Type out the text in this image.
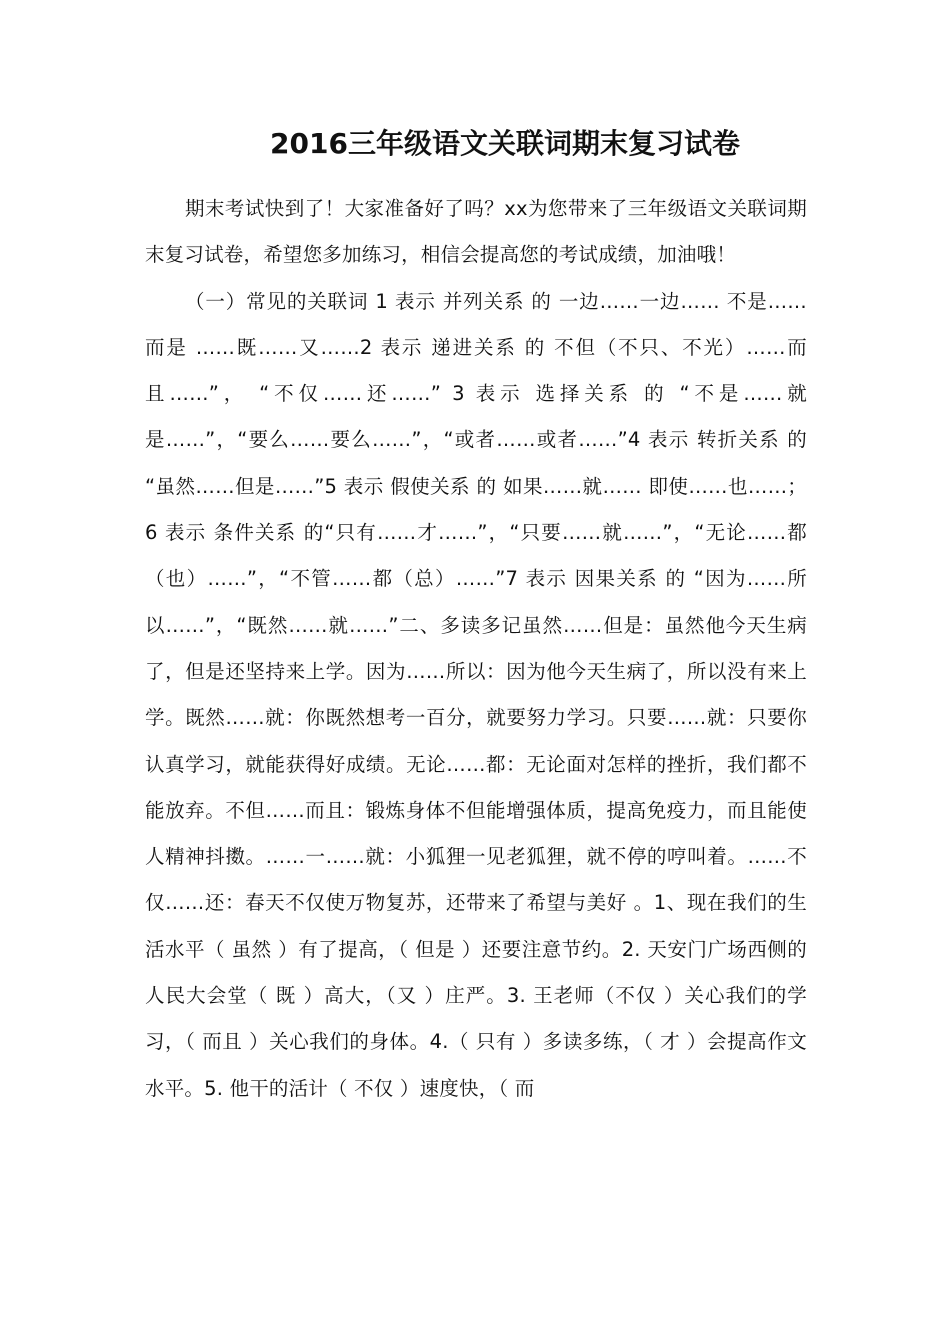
2016三年级语文关联词期末复习试卷

期末考试快到了！大家准备好了吗？xx为您带来了三年级语文关联词期末复习试卷，希望您多加练习，相信会提高您的考试成绩，加油哦！

（一）常见的关联词 1 表示 并列关系 的 一边……一边…… 不是……而是 ……既……又……2 表示 递进关系 的 不但（不只、不光）……而且……”， “不仅……还……” 3 表示 选择关系 的 “不是……就是……”，“要么……要么……”，“或者……或者……”4 表示 转折关系 的 “虽然……但是……”5 表示 假使关系 的 如果……就…… 即使……也……； 6 表示 条件关系 的“只有……才……”，“只要……就……”，“无论……都（也）……”，“不管……都（总）……”7 表示 因果关系 的 “因为……所以……”，“既然……就……”二、多读多记虽然……但是：虽然他今天生病了，但是还坚持来上学。因为……所以：因为他今天生病了，所以没有来上学。既然……就：你既然想考一百分，就要努力学习。只要……就：只要你认真学习，就能获得好成绩。无论……都：无论面对怎样的挫折，我们都不能放弃。不但……而且：锻炼身体不但能增强体质，提高免疫力，而且能使人精神抖擞。……一……就：小狐狸一见老狐狸，就不停的哼叫着。……不仅……还：春天不仅使万物复苏，还带来了希望与美好 。1、现在我们的生活水平（ 虽然 ）有了提高，（ 但是 ）还要注意节约。2. 天安门广场西侧的人民大会堂（ 既 ）高大，（又 ）庄严。3. 王老师（不仅 ）关心我们的学习，（ 而且 ）关心我们的身体。4.（ 只有 ）多读多练，（ 才 ）会提高作文水平。5. 他干的活计（ 不仅 ）速度快，（ 而
